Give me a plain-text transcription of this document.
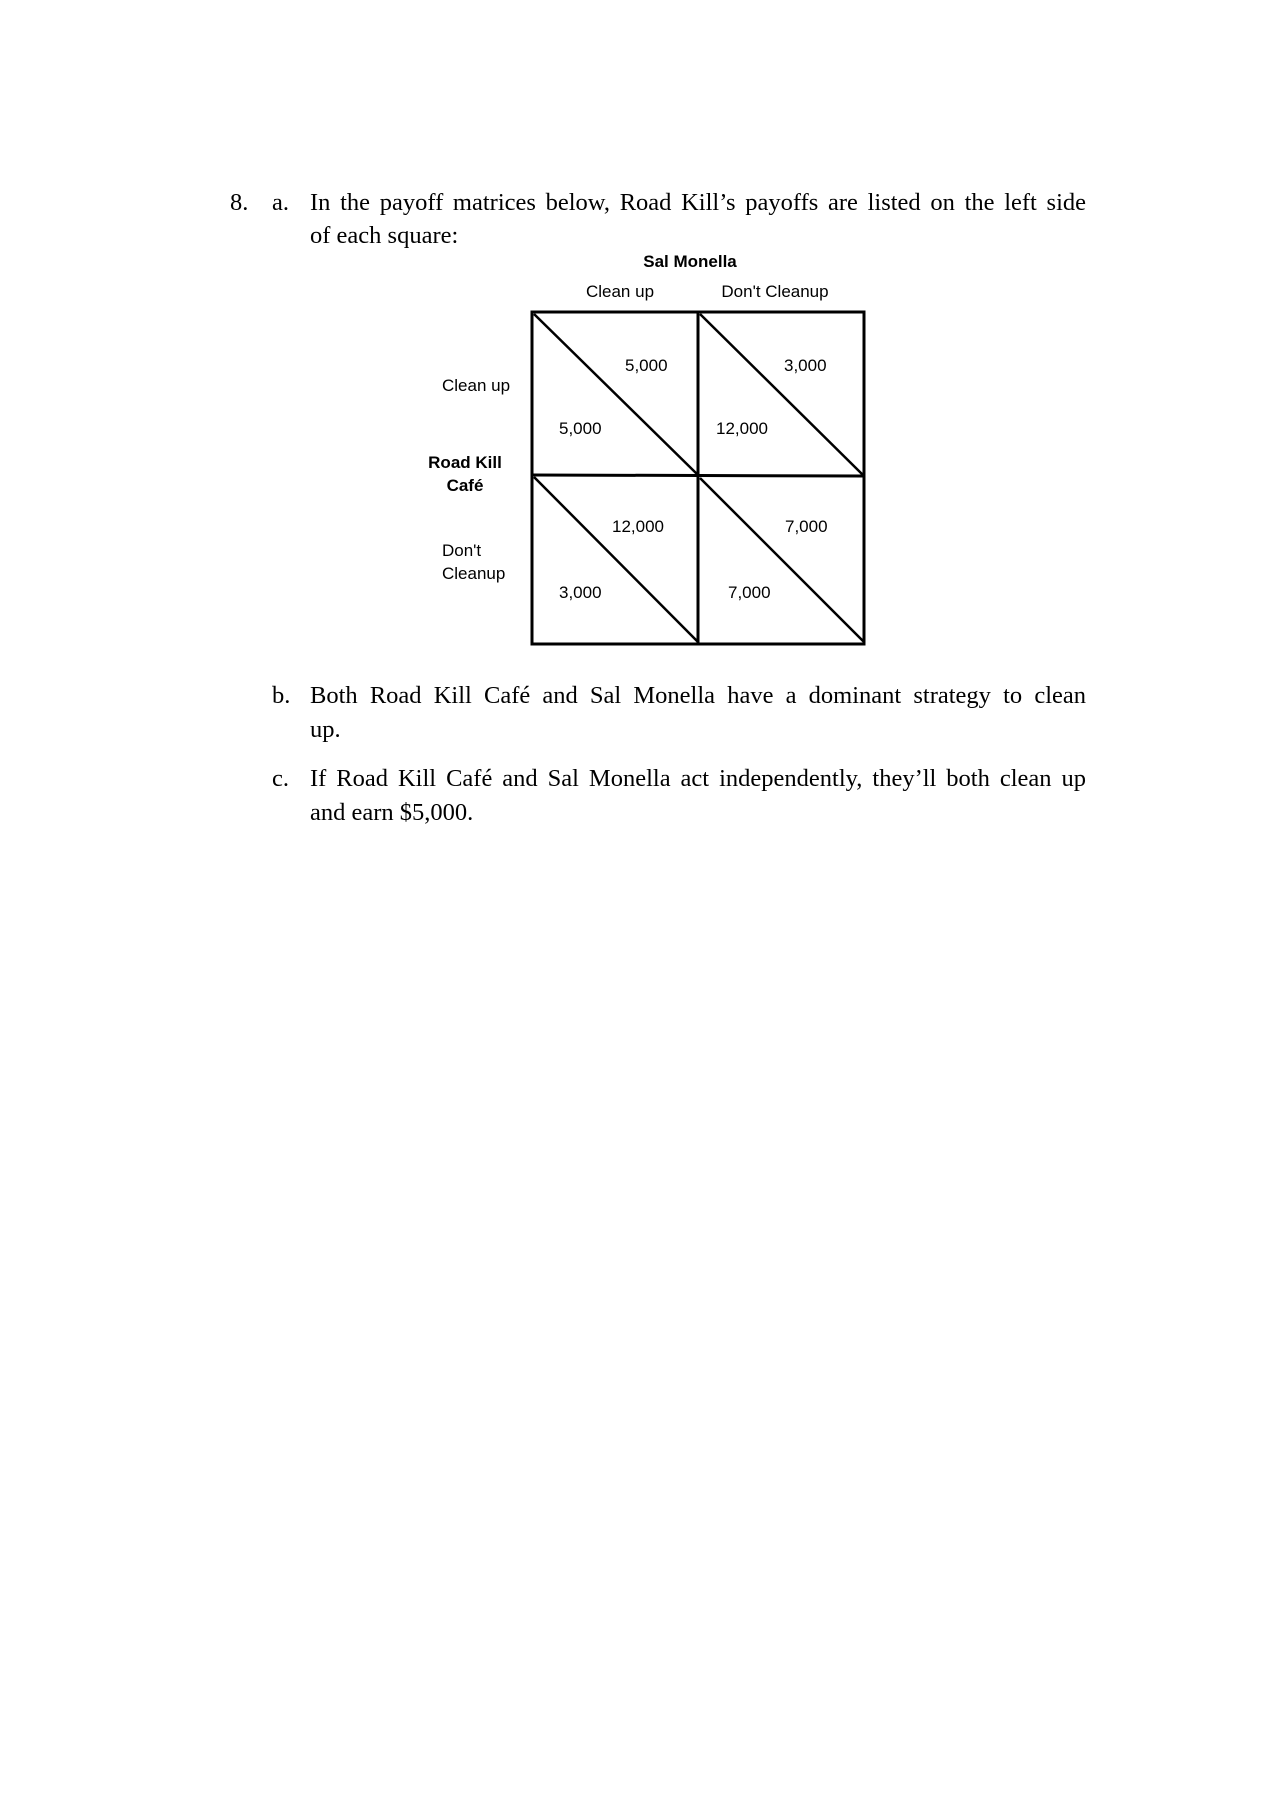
8. a. In the payoff matrices below, Road Kill’s payoffs are listed on the left side
of each square:
Sal Monella
Clean up	Don't Cleanup
Clean up
Road Kill
Café
Don't
Cleanup
5,000
5,000
3,000
12,000
12,000
3,000
7,000
7,000
b. Both Road Kill Café and Sal Monella have a dominant strategy to clean
up.
c. If Road Kill Café and Sal Monella act independently, they’ll both clean up
and earn $5,000.
